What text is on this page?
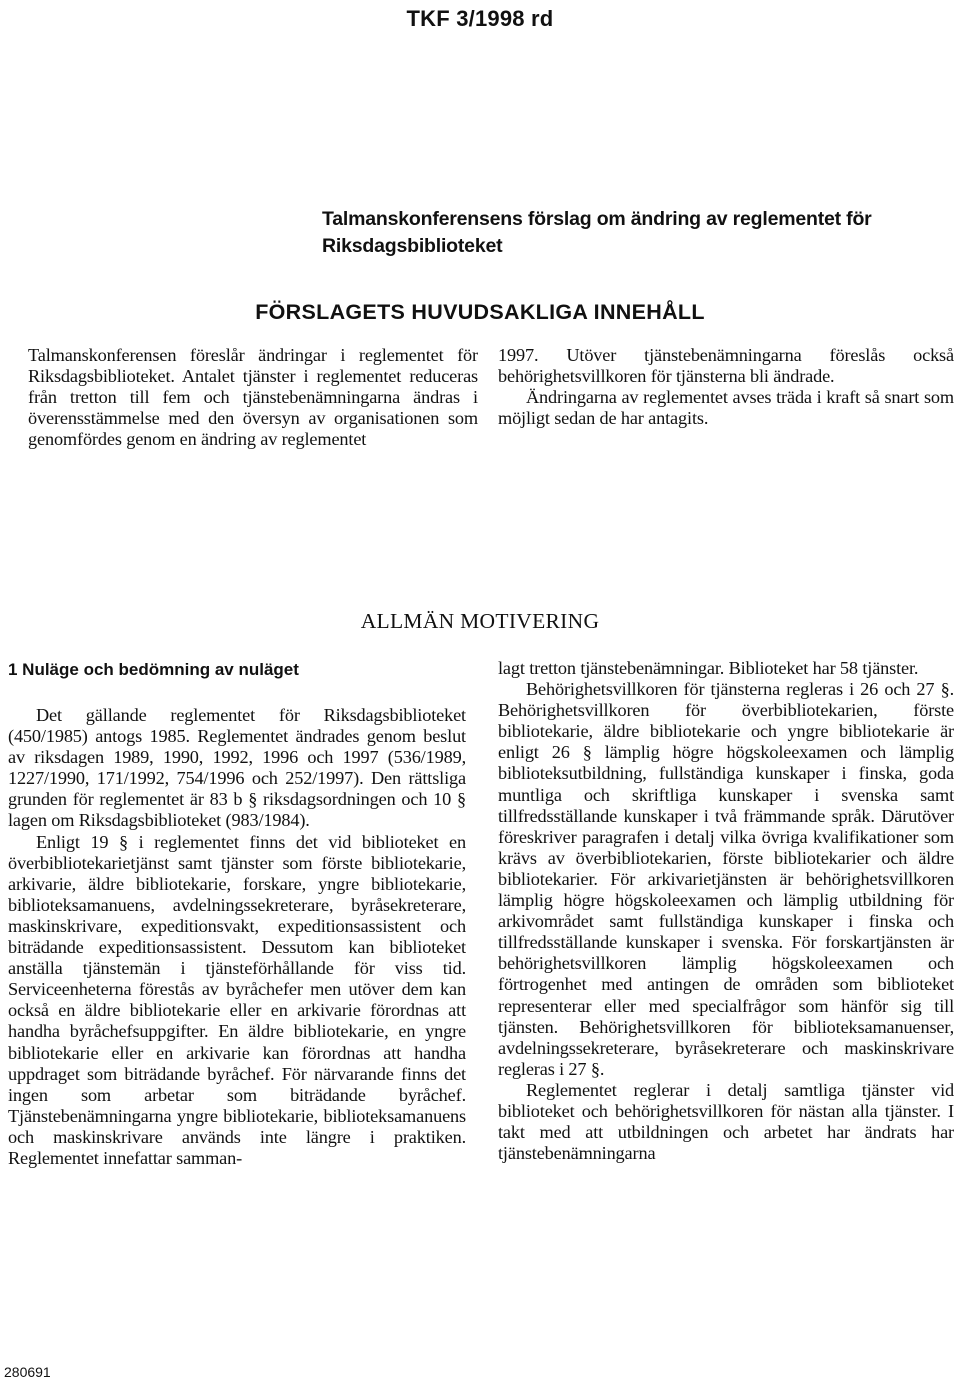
TKF 3/1998 rd
Talmanskonferensens förslag om ändring av reglementet för Riksdagsbiblioteket
FÖRSLAGETS HUVUDSAKLIGA INNEHÅLL

Talmanskonferensen föreslår ändringar i reglementet för Riksdagsbiblioteket. Antalet tjänster i reglementet reduceras från tretton till fem och tjänstebenämningarna ändras i överensstämmelse med den översyn av organisationen som genomfördes genom en ändring av reglementet

1997. Utöver tjänstebenämningarna föreslås också behörighetsvillkoren för tjänsterna bli ändrade.

Ändringarna av reglementet avses träda i kraft så snart som möjligt sedan de har antagits.

ALLMÄN MOTIVERING
1 Nuläge och bedömning av nuläget

Det gällande reglementet för Riksdagsbiblioteket (450/1985) antogs 1985. Reglementet ändrades genom beslut av riksdagen 1989, 1990, 1992, 1996 och 1997 (536/1989, 1227/1990, 171/1992, 754/1996 och 252/1997). Den rättsliga grunden för reglementet är 83 b § riksdagsordningen och 10 § lagen om Riksdagsbiblioteket (983/1984).

Enligt 19 § i reglementet finns det vid biblioteket en överbibliotekarietjänst samt tjänster som förste bibliotekarie, arkivarie, äldre bibliotekarie, forskare, yngre bibliotekarie, biblioteksamanuens, avdelningssekreterare, byråsekreterare, maskinskrivare, expeditionsvakt, expeditionsassistent och biträdande expeditionsassistent. Dessutom kan biblioteket anställa tjänstemän i tjänsteförhållande för viss tid. Serviceenheterna förestås av byråchefer men utöver dem kan också en äldre bibliotekarie eller en arkivarie förordnas att handha byråchefsuppgifter. En äldre bibliotekarie, en yngre bibliotekarie eller en arkivarie kan förordnas att handha uppdraget som biträdande byråchef. För närvarande finns det ingen som arbetar som biträdande byråchef. Tjänstebenämningarna yngre bibliotekarie, biblioteksamanuens och maskinskrivare används inte längre i praktiken. Reglementet innefattar samman-

lagt tretton tjänstebenämningar. Biblioteket har 58 tjänster.

Behörighetsvillkoren för tjänsterna regleras i 26 och 27 §. Behörighetsvillkoren för överbibliotekarien, förste bibliotekarie, äldre bibliotekarie och yngre bibliotekarie är enligt 26 § lämplig högre högskoleexamen och lämplig biblioteksutbildning, fullständiga kunskaper i finska, goda muntliga och skriftliga kunskaper i svenska samt tillfredsställande kunskaper i två främmande språk. Därutöver föreskriver paragrafen i detalj vilka övriga kvalifikationer som krävs av överbibliotekarien, förste bibliotekarier och äldre bibliotekarier. För arkivarietjänsten är behörighetsvillkoren lämplig högre högskoleexamen och lämplig utbildning för arkivområdet samt fullständiga kunskaper i finska och tillfredsställande kunskaper i svenska. För forskartjänsten är behörighetsvillkoren lämplig högskoleexamen och förtrogenhet med antingen de områden som biblioteket representerar eller med specialfrågor som hänför sig till tjänsten. Behörighetsvillkoren för biblioteksamanuenser, avdelningssekreterare, byråsekreterare och maskinskrivare regleras i 27 §.

Reglementet reglerar i detalj samtliga tjänster vid biblioteket och behörighetsvillkoren för nästan alla tjänster. I takt med att utbildningen och arbetet har ändrats har tjänstebenämningarna

280691
